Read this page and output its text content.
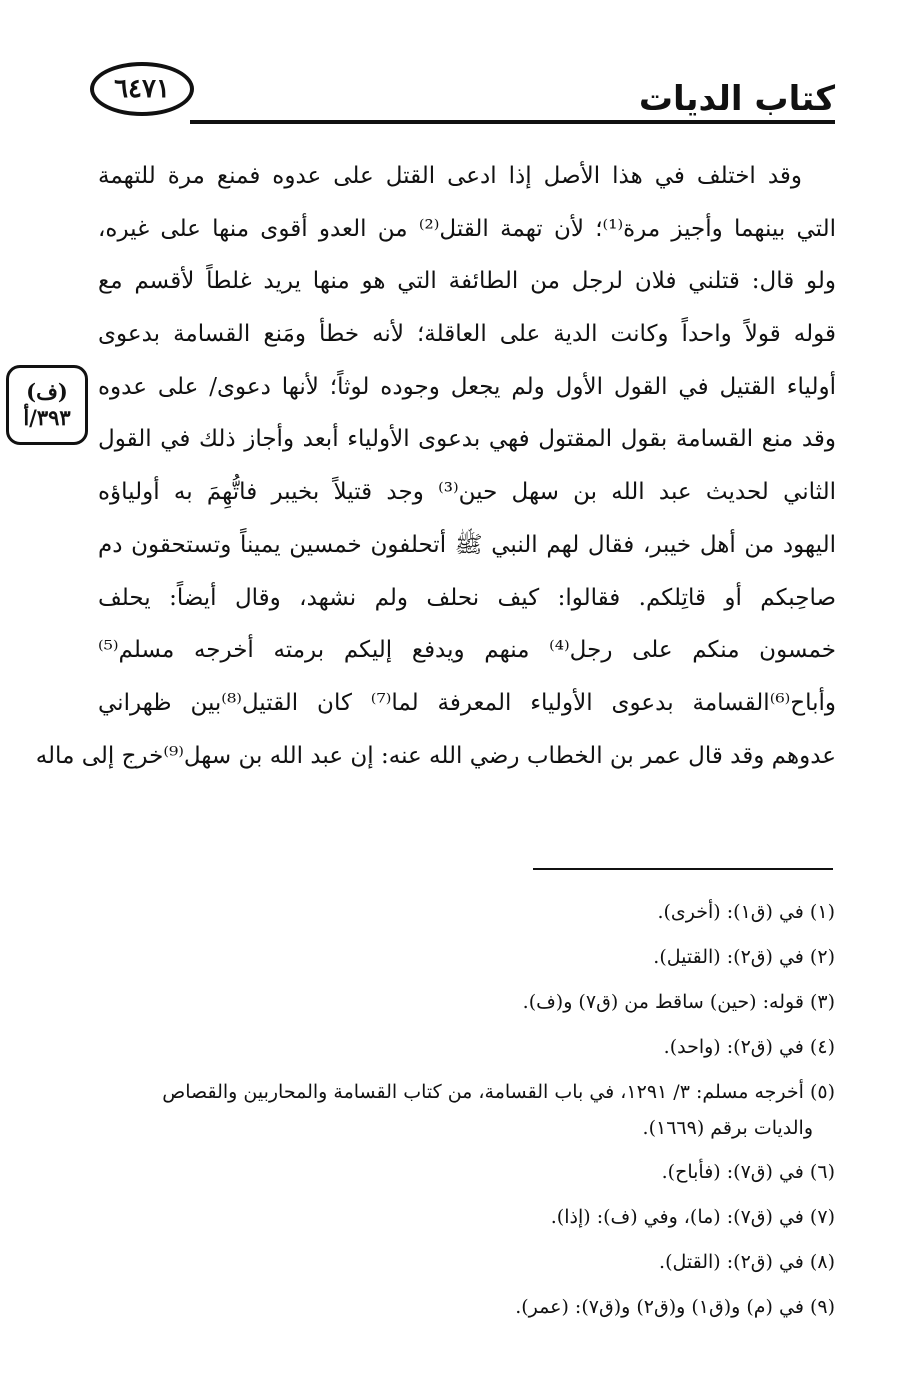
كتاب الديات
٦٤٧١
(ف)
٣٩٣/أ
وقد اختلف في هذا الأصل إذا ادعى القتل على عدوه فمنع مرة للتهمة
التي بينهما وأجيز مرة⁽¹⁾؛ لأن تهمة القتل⁽²⁾ من العدو أقوى منها على غيره،
ولو قال: قتلني فلان لرجل من الطائفة التي هو منها يريد غلطاً لأقسم مع
قوله قولاً واحداً وكانت الدية على العاقلة؛ لأنه خطأ ومَنع القسامة بدعوى
أولياء القتيل في القول الأول ولم يجعل وجوده لوثاً؛ لأنها دعوى/ على عدوه
وقد منع القسامة بقول المقتول فهي بدعوى الأولياء أبعد وأجاز ذلك في القول
الثاني لحديث عبد الله بن سهل حين⁽³⁾ وجد قتيلاً بخيبر فاتُّهِمَ به أولياؤه
اليهود من أهل خيبر، فقال لهم النبي ﷺ أتحلفون خمسين يميناً وتستحقون دم
صاحِبكم أو قاتِلكم. فقالوا: كيف نحلف ولم نشهد، وقال أيضاً: يحلف
خمسون منكم على رجل⁽⁴⁾ منهم ويدفع إليكم برمته أخرجه مسلم⁽⁵⁾
وأباح⁽⁶⁾القسامة بدعوى الأولياء المعرفة لما⁽⁷⁾ كان القتيل⁽⁸⁾بين ظهراني
عدوهم وقد قال عمر بن الخطاب رضي الله عنه: إن عبد الله بن سهل⁽⁹⁾خرج إلى ماله
(١) في (ق١): (أخرى).
(٢) في (ق٢): (القتيل).
(٣) قوله: (حين) ساقط من (ق٧) و(ف).
(٤) في (ق٢): (واحد).
(٥) أخرجه مسلم: ٣/ ١٢٩١، في باب القسامة، من كتاب القسامة والمحاربين والقصاص
والديات برقم (١٦٦٩).
(٦) في (ق٧): (فأباح).
(٧) في (ق٧): (ما)، وفي (ف): (إذا).
(٨) في (ق٢): (القتل).
(٩) في (م) و(ق١) و(ق٢) و(ق٧): (عمر).
